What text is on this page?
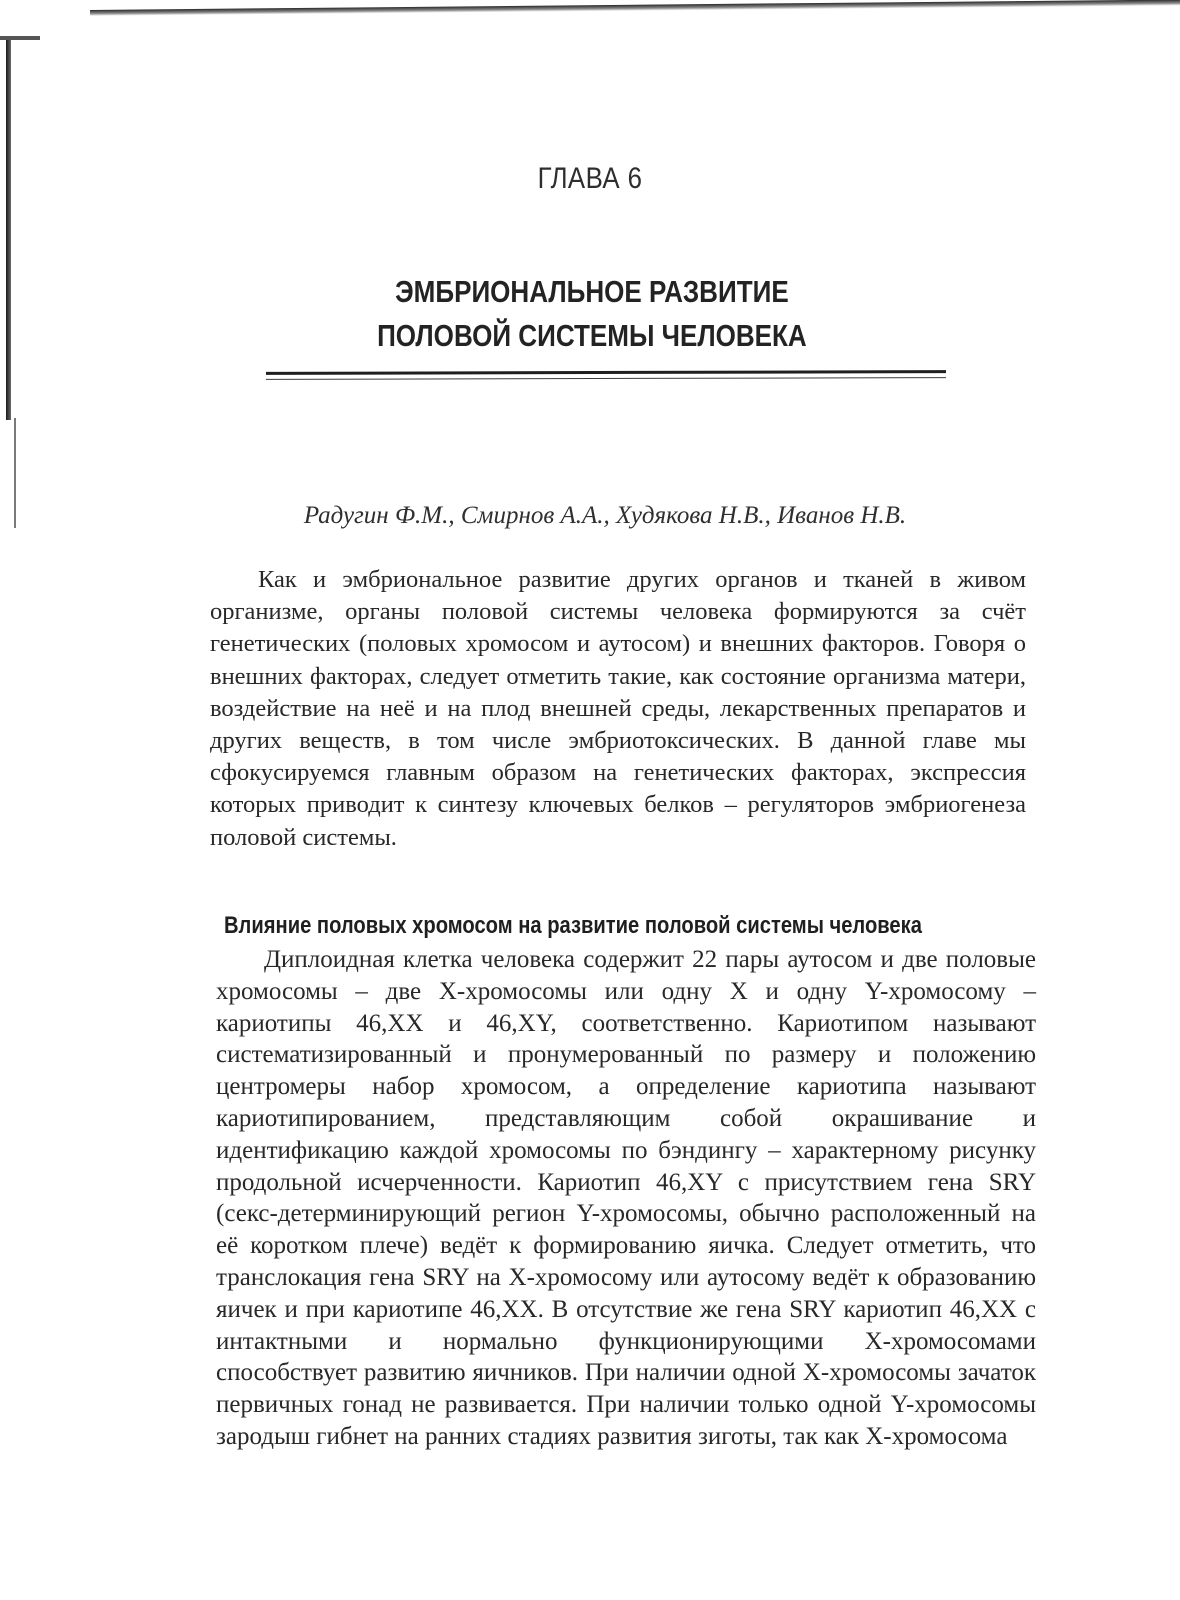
ГЛАВА 6
ЭМБРИОНАЛЬНОЕ РАЗВИТИЕ
ПОЛОВОЙ СИСТЕМЫ ЧЕЛОВЕКА
Радугин Ф.М., Смирнов А.А., Худякова Н.В., Иванов Н.В.

Как и эмбриональное развитие других органов и тканей в живом организме, органы половой системы человека формируются за счёт генетических (половых хромосом и аутосом) и внешних факторов. Говоря о внешних факторах, следует отметить такие, как состояние организма матери, воздействие на неё и на плод внешней среды, лекарственных препаратов и других веществ, в том числе эмбриотоксических. В данной главе мы сфокусируемся главным образом на генетических факторах, экспрессия которых приводит к синтезу ключевых белков – регуляторов эмбриогенеза половой системы.

Влияние половых хромосом на развитие половой системы человека

Диплоидная клетка человека содержит 22 пары аутосом и две половые хромосомы – две X-хромосомы или одну X и одну Y-хромосому – кариотипы 46,XX и 46,XY, соответственно. Кариотипом называют систематизированный и пронумерованный по размеру и положению центромеры набор хромосом, а определение кариотипа называют кариотипированием, представляющим собой окрашивание и идентификацию каждой хромосомы по бэндингу – характерному рисунку продольной исчерченности. Кариотип 46,XY с присутствием гена SRY (секс-детерминирующий регион Y-хромосомы, обычно расположенный на её коротком плече) ведёт к формированию яичка. Следует отметить, что транслокация гена SRY на X-хромосому или аутосому ведёт к образованию яичек и при кариотипе 46,XX. В отсутствие же гена SRY кариотип 46,XX с интактными и нормально функционирующими X-хромосомами способствует развитию яичников. При наличии одной X-хромосомы зачаток первичных гонад не развивается. При наличии только одной Y-хромосомы зародыш гибнет на ранних стадиях развития зиготы, так как X-хромосома
